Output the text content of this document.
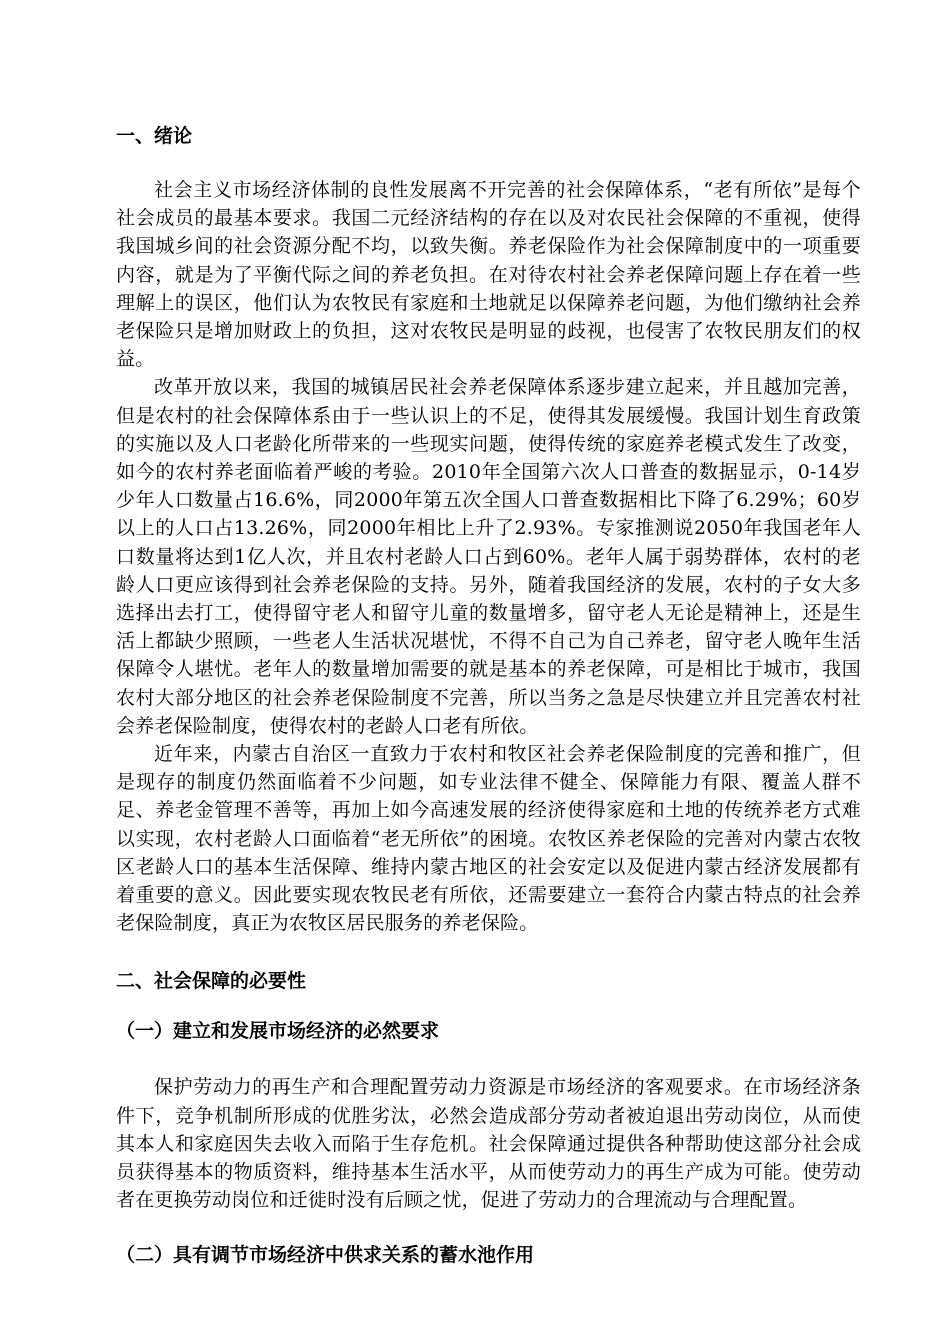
一、绪论

社会主义市场经济体制的良性发展离不开完善的社会保障体系，“老有所依”是每个社会成员的最基本要求。我国二元经济结构的存在以及对农民社会保障的不重视，使得我国城乡间的社会资源分配不均，以致失衡。养老保险作为社会保障制度中的一项重要内容，就是为了平衡代际之间的养老负担。在对待农村社会养老保障问题上存在着一些理解上的误区，他们认为农牧民有家庭和土地就足以保障养老问题，为他们缴纳社会养老保险只是增加财政上的负担，这对农牧民是明显的歧视，也侵害了农牧民朋友们的权益。

改革开放以来，我国的城镇居民社会养老保障体系逐步建立起来，并且越加完善，但是农村的社会保障体系由于一些认识上的不足，使得其发展缓慢。我国计划生育政策的实施以及人口老龄化所带来的一些现实问题，使得传统的家庭养老模式发生了改变，如今的农村养老面临着严峻的考验。2010年全国第六次人口普查的数据显示，0-14岁少年人口数量占16.6%，同2000年第五次全国人口普查数据相比下降了6.29%；60岁以上的人口占13.26%，同2000年相比上升了2.93%。专家推测说2050年我国老年人口数量将达到1亿人次，并且农村老龄人口占到60%。老年人属于弱势群体，农村的老龄人口更应该得到社会养老保险的支持。另外，随着我国经济的发展，农村的子女大多选择出去打工，使得留守老人和留守儿童的数量增多，留守老人无论是精神上，还是生活上都缺少照顾，一些老人生活状况堪忧，不得不自己为自己养老，留守老人晚年生活保障令人堪忧。老年人的数量增加需要的就是基本的养老保障，可是相比于城市，我国农村大部分地区的社会养老保险制度不完善，所以当务之急是尽快建立并且完善农村社会养老保险制度，使得农村的老龄人口老有所依。

近年来，内蒙古自治区一直致力于农村和牧区社会养老保险制度的完善和推广，但是现存的制度仍然面临着不少问题，如专业法律不健全、保障能力有限、覆盖人群不足、养老金管理不善等，再加上如今高速发展的经济使得家庭和土地的传统养老方式难以实现，农村老龄人口面临着“老无所依”的困境。农牧区养老保险的完善对内蒙古农牧区老龄人口的基本生活保障、维持内蒙古地区的社会安定以及促进内蒙古经济发展都有着重要的意义。因此要实现农牧民老有所依，还需要建立一套符合内蒙古特点的社会养老保险制度，真正为农牧区居民服务的养老保险。

二、社会保障的必要性
（一）建立和发展市场经济的必然要求

保护劳动力的再生产和合理配置劳动力资源是市场经济的客观要求。在市场经济条件下，竞争机制所形成的优胜劣汰，必然会造成部分劳动者被迫退出劳动岗位，从而使其本人和家庭因失去收入而陷于生存危机。社会保障通过提供各种帮助使这部分社会成员获得基本的物质资料，维持基本生活水平，从而使劳动力的再生产成为可能。使劳动者在更换劳动岗位和迁徙时没有后顾之忧，促进了劳动力的合理流动与合理配置。

（二）具有调节市场经济中供求关系的蓄水池作用
